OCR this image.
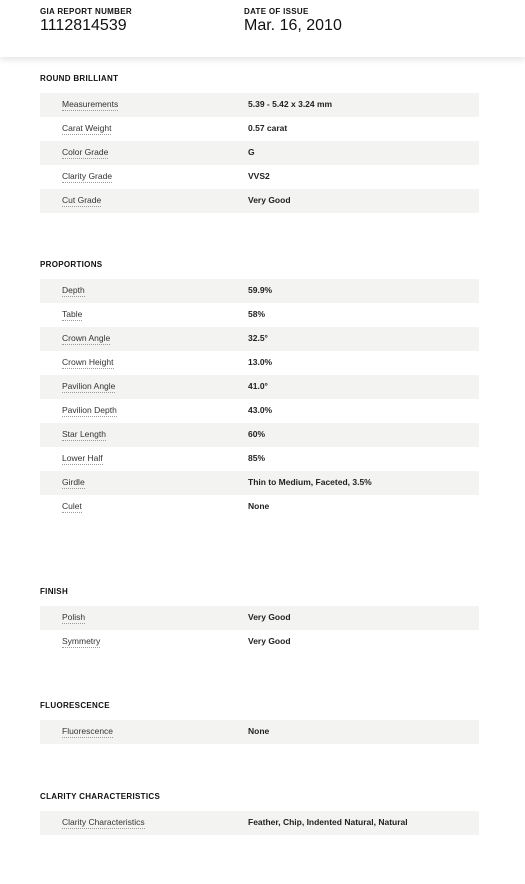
GIA REPORT NUMBER
1112814539
DATE OF ISSUE
Mar. 16, 2010
ROUND BRILLIANT
Measurements	5.39 - 5.42 x 3.24 mm
Carat Weight	0.57 carat
Color Grade	G
Clarity Grade	VVS2
Cut Grade	Very Good
PROPORTIONS
Depth	59.9%
Table	58%
Crown Angle	32.5°
Crown Height	13.0%
Pavilion Angle	41.0°
Pavilion Depth	43.0%
Star Length	60%
Lower Half	85%
Girdle	Thin to Medium, Faceted, 3.5%
Culet	None
FINISH
Polish	Very Good
Symmetry	Very Good
FLUORESCENCE
Fluorescence	None
CLARITY CHARACTERISTICS
Clarity Characteristics	Feather, Chip, Indented Natural, Natural
